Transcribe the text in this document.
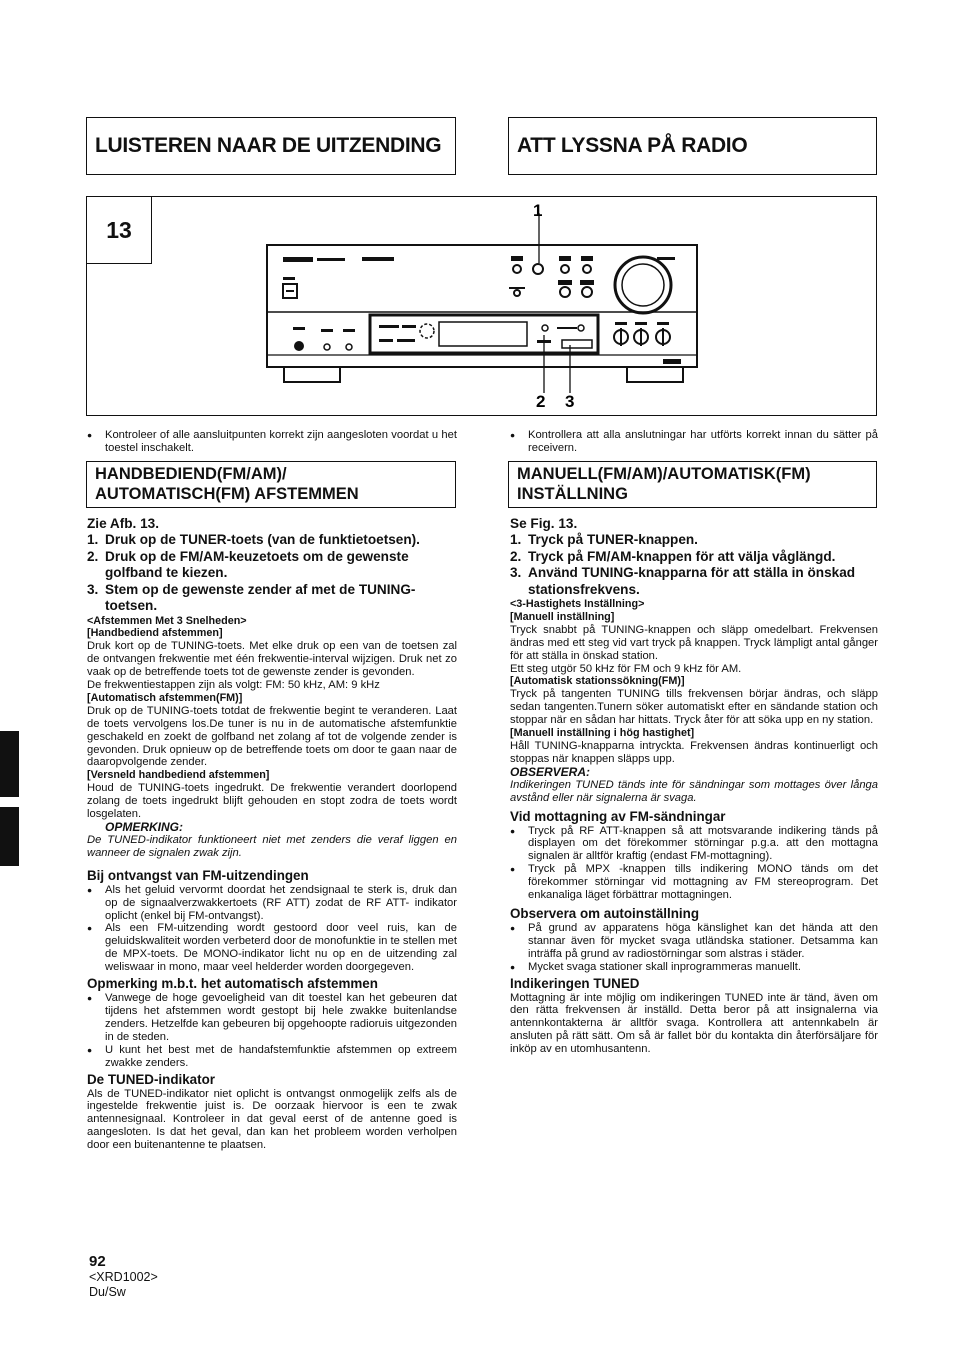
LUISTEREN NAAR DE UITZENDING	ATT LYSSNA PÅ RADIO
13
1
2 3

● Kontroleer of alle aansluitpunten korrekt zijn aangesloten voordat u het toestel inschakelt.

HANDBEDIEND(FM/AM)/
AUTOMATISCH(FM) AFSTEMMEN

Zie Afb. 13.

1. Druk op de TUNER-toets (van de funktietoetsen).
2. Druk op de FM/AM-keuzetoets om de gewenste golfband te kiezen.
3. Stem op de gewenste zender af met de TUNING-toetsen.

<Afstemmen Met 3 Snelheden>

[Handbediend afstemmen]

Druk kort op de TUNING-toets. Met elke druk op een van de toetsen zal de ontvangen frekwentie met één frekwentie-interval wijzigen. Druk net zo vaak op de betreffende toets tot de gewenste zender is gevonden.

De frekwentiestappen zijn als volgt: FM: 50 kHz, AM: 9 kHz

[Automatisch afstemmen(FM)]

Druk op de TUNING-toets totdat de frekwentie begint te veranderen. Laat de toets vervolgens los.De tuner is nu in de automatische afstemfunktie geschakeld en zoekt de golfband net zolang af tot de volgende zender is gevonden. Druk opnieuw op de betreffende toets om door te gaan naar de daaropvolgende zender.

[Versneld handbediend afstemmen]

Houd de TUNING-toets ingedrukt. De frekwentie verandert doorlopend zolang de toets ingedrukt blijft gehouden en stopt zodra de toets wordt losgelaten.

OPMERKING:

De TUNED-indikator funktioneert niet met zenders die veraf liggen en wanneer de signalen zwak zijn.

Bij ontvangst van FM-uitzendingen

● Als het geluid vervormt doordat het zendsignaal te sterk is, druk dan op de signaalverzwakkertoets (RF ATT) zodat de RF ATT- indikator oplicht (enkel bij FM-ontvangst).

● Als een FM-uitzending wordt gestoord door veel ruis, kan de geluidskwaliteit worden verbeterd door de monofunktie in te stellen met de MPX-toets. De MONO-indikator licht nu op en de uitzending zal weliswaar in mono, maar veel helderder worden doorgegeven.

Opmerking m.b.t. het automatisch afstemmen

● Vanwege de hoge gevoeligheid van dit toestel kan het gebeuren dat tijdens het afstemmen wordt gestopt bij hele zwakke buitenlandse zenders. Hetzelfde kan gebeuren bij opgehoopte radioruis uitgezonden in de steden.

● U kunt het best met de handafstemfunktie afstemmen op extreem zwakke zenders.

De TUNED-indikator

Als de TUNED-indikator niet oplicht is ontvangst onmogelijk zelfs als de ingestelde frekwentie juist is. De oorzaak hiervoor is een te zwak antennesignaal. Kontroleer in dat geval eerst of de antenne goed is aangesloten. Is dat het geval, dan kan het probleem worden verholpen door een buitenantenne te plaatsen.

● Kontrollera att alla anslutningar har utförts korrekt innan du sätter på receivern.

MANUELL(FM/AM)/AUTOMATISK(FM)
INSTÄLLNING

Se Fig. 13.

1. Tryck på TUNER-knappen.
2. Tryck på FM/AM-knappen för att välja våglängd.
3. Använd TUNING-knapparna för att ställa in önskad stationsfrekvens.

<3-Hastighets Inställning>

[Manuell inställning]

Tryck snabbt på TUNING-knappen och släpp omedelbart. Frekvensen ändras med ett steg vid vart tryck på knappen. Tryck lämpligt antal gånger för att ställa in önskad station.

Ett steg utgör 50 kHz för FM och 9 kHz för AM.

[Automatisk stationssökning(FM)]

Tryck på tangenten TUNING tills frekvensen börjar ändras, och släpp sedan tangenten.Tunern söker automatiskt efter en sändande station och stoppar när en sådan har hittats. Tryck åter för att söka upp en ny station.

[Manuell inställning i hög hastighet]

Håll TUNING-knapparna intryckta. Frekvensen ändras kontinuerligt och stoppas när knappen släpps upp.

OBSERVERA:

Indikeringen TUNED tänds inte för sändningar som mottages över långa avstånd eller när signalerna är svaga.

Vid mottagning av FM-sändningar

● Tryck på RF ATT-knappen så att motsvarande indikering tänds på displayen om det förekommer störningar p.g.a. att den mottagna signalen är alltför kraftig (endast FM-mottagning).

● Tryck på MPX -knappen tills indikering MONO tänds om det förekommer störningar vid mottagning av FM stereoprogram. Det enkanaliga läget förbättrar mottagningen.

Observera om autoinställning

● På grund av apparatens höga känslighet kan det hända att den stannar även för mycket svaga utländska stationer. Detsamma kan inträffa på grund av radiostörningar som alstras i städer.

● Mycket svaga stationer skall inprogrammeras manuellt.

Indikeringen TUNED

Mottagning är inte möjlig om indikeringen TUNED inte är tänd, även om den rätta frekvensen är inställd. Detta beror på att insignalerna via antennkontakterna är alltför svaga. Kontrollera att antennkabeln är ansluten på rätt sätt. Om så är fallet bör du kontakta din återförsäljare för inköp av en utomhusantenn.

92
<XRD1002>
Du/Sw
